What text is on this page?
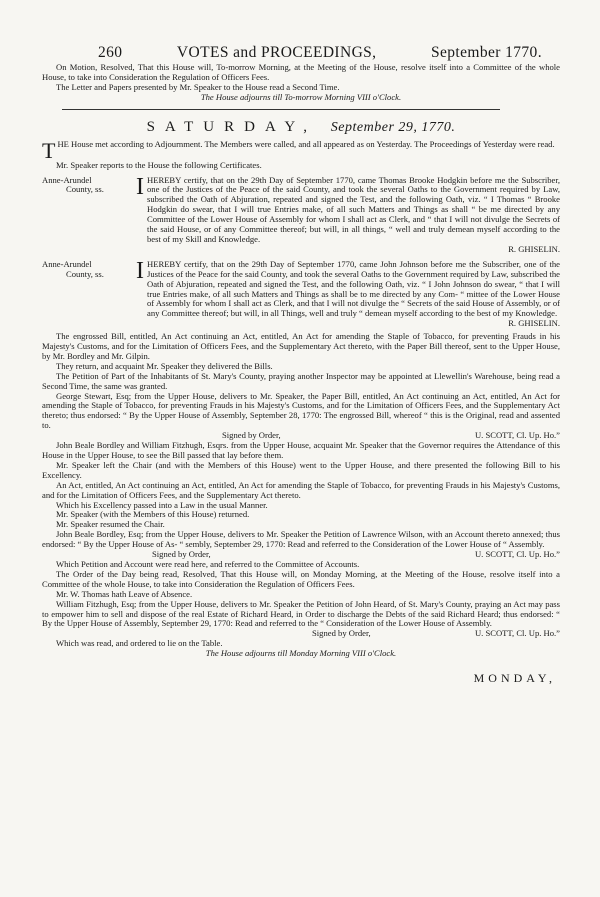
260	VOTES and PROCEEDINGS,	September 1770.

On Motion, Resolved, That this House will, To-morrow Morning, at the Meeting of the House, resolve itself into a Committee of the whole House, to take into Consideration the Regulation of Officers Fees.

The Letter and Papers presented by Mr. Speaker to the House read a Second Time.

The House adjourns till To-morrow Morning VIII o'Clock.

SATURDAY, September 29, 1770.
T HE House met according to Adjournment. The Members were called, and all appeared as on Yesterday. The Proceedings of Yesterday were read.

Mr. Speaker reports to the House the following Certificates.

Anne-Arundel
County, ss.	I HEREBY certify, that on the 29th Day of September 1770, came Thomas Brooke Hodgkin before me the Subscriber, one of the Justices of the Peace of the said County, and took the several Oaths to the Government required by Law, subscribed the Oath of Abjuration, repeated and signed the Test, and the following Oath, viz. “ I Thomas “ Brooke Hodgkin do swear, that I will true Entries make, of all such Matters and Things as shall “ be me directed by any Committee of the Lower House of Assembly for whom I shall act as Clerk, and “ that I will not divulge the Secrets of the said House, or of any Committee thereof; but will, in all things, “ well and truly demean myself according to the best of my Skill and Knowledge.

R. GHISELIN.
Anne-Arundel
County, ss.	I HEREBY certify, that on the 29th Day of September 1770, came John Johnson before me the Subscriber, one of the Justices of the Peace for the said County, and took the several Oaths to the Government required by Law, subscribed the Oath of Abjuration, repeated and signed the Test, and the following Oath, viz. “ I John Johnson do swear, “ that I will true Entries make, of all such Matters and Things as shall be to me directed by any Com- “ mittee of the Lower House of Assembly for whom I shall act as Clerk, and that I will not divulge the “ Secrets of the said House of Assembly, or of any Committee thereof; but will, in all Things, well and truly “ demean myself according to the best of my Knowledge.

R. GHISELIN.

The engrossed Bill, entitled, An Act continuing an Act, entitled, An Act for amending the Staple of Tobacco, for preventing Frauds in his Majesty's Customs, and for the Limitation of Officers Fees, and the Supplementary Act thereto, with the Paper Bill thereof, sent to the Upper House, by Mr. Bordley and Mr. Gilpin.

They return, and acquaint Mr. Speaker they delivered the Bills.

The Petition of Part of the Inhabitants of St. Mary's County, praying another Inspector may be appointed at Llewellin's Warehouse, being read a Second Time, the same was granted.

George Stewart, Esq; from the Upper House, delivers to Mr. Speaker, the Paper Bill, entitled, An Act continuing an Act, entitled, An Act for amending the Staple of Tobacco, for preventing Frauds in his Majesty's Customs, and for the Limitation of Officers Fees, and the Supplementary Act thereto; thus endorsed: “ By the Upper House of Assembly, September 28, 1770: The engrossed Bill, whereof “ this is the Original, read and assented to.

Signed by Order,	U. SCOTT, Cl. Up. Ho.”

John Beale Bordley and William Fitzhugh, Esqrs. from the Upper House, acquaint Mr. Speaker that the Governor requires the Attendance of this House in the Upper House, to see the Bill passed that lay before them.

Mr. Speaker left the Chair (and with the Members of this House) went to the Upper House, and there presented the following Bill to his Excellency.

An Act, entitled, An Act continuing an Act, entitled, An Act for amending the Staple of Tobacco, for preventing Frauds in his Majesty's Customs, and for the Limitation of Officers Fees, and the Supplementary Act thereto.

Which his Excellency passed into a Law in the usual Manner.

Mr. Speaker (with the Members of this House) returned.

Mr. Speaker resumed the Chair.

John Beale Bordley, Esq; from the Upper House, delivers to Mr. Speaker the Petition of Lawrence Wilson, with an Account thereto annexed; thus endorsed: “ By the Upper House of As- “ sembly, September 29, 1770: Read and referred to the Consideration of the Lower House of “ Assembly.

Signed by Order,	U. SCOTT, Cl. Up. Ho.”

Which Petition and Account were read here, and referred to the Committee of Accounts.

The Order of the Day being read, Resolved, That this House will, on Monday Morning, at the Meeting of the House, resolve itself into a Committee of the whole House, to take into Consideration the Regulation of Officers Fees.

Mr. W. Thomas hath Leave of Absence.

William Fitzhugh, Esq; from the Upper House, delivers to Mr. Speaker the Petition of John Heard, of St. Mary's County, praying an Act may pass to empower him to sell and dispose of the real Estate of Richard Heard, in Order to discharge the Debts of the said Richard Heard; thus endorsed: “ By the Upper House of Assembly, September 29, 1770: Read and referred to the “ Consideration of the Lower House of Assembly.

Signed by Order,	U. SCOTT, Cl. Up. Ho.”

Which was read, and ordered to lie on the Table.

The House adjourns till Monday Morning VIII o'Clock.

MONDAY,
